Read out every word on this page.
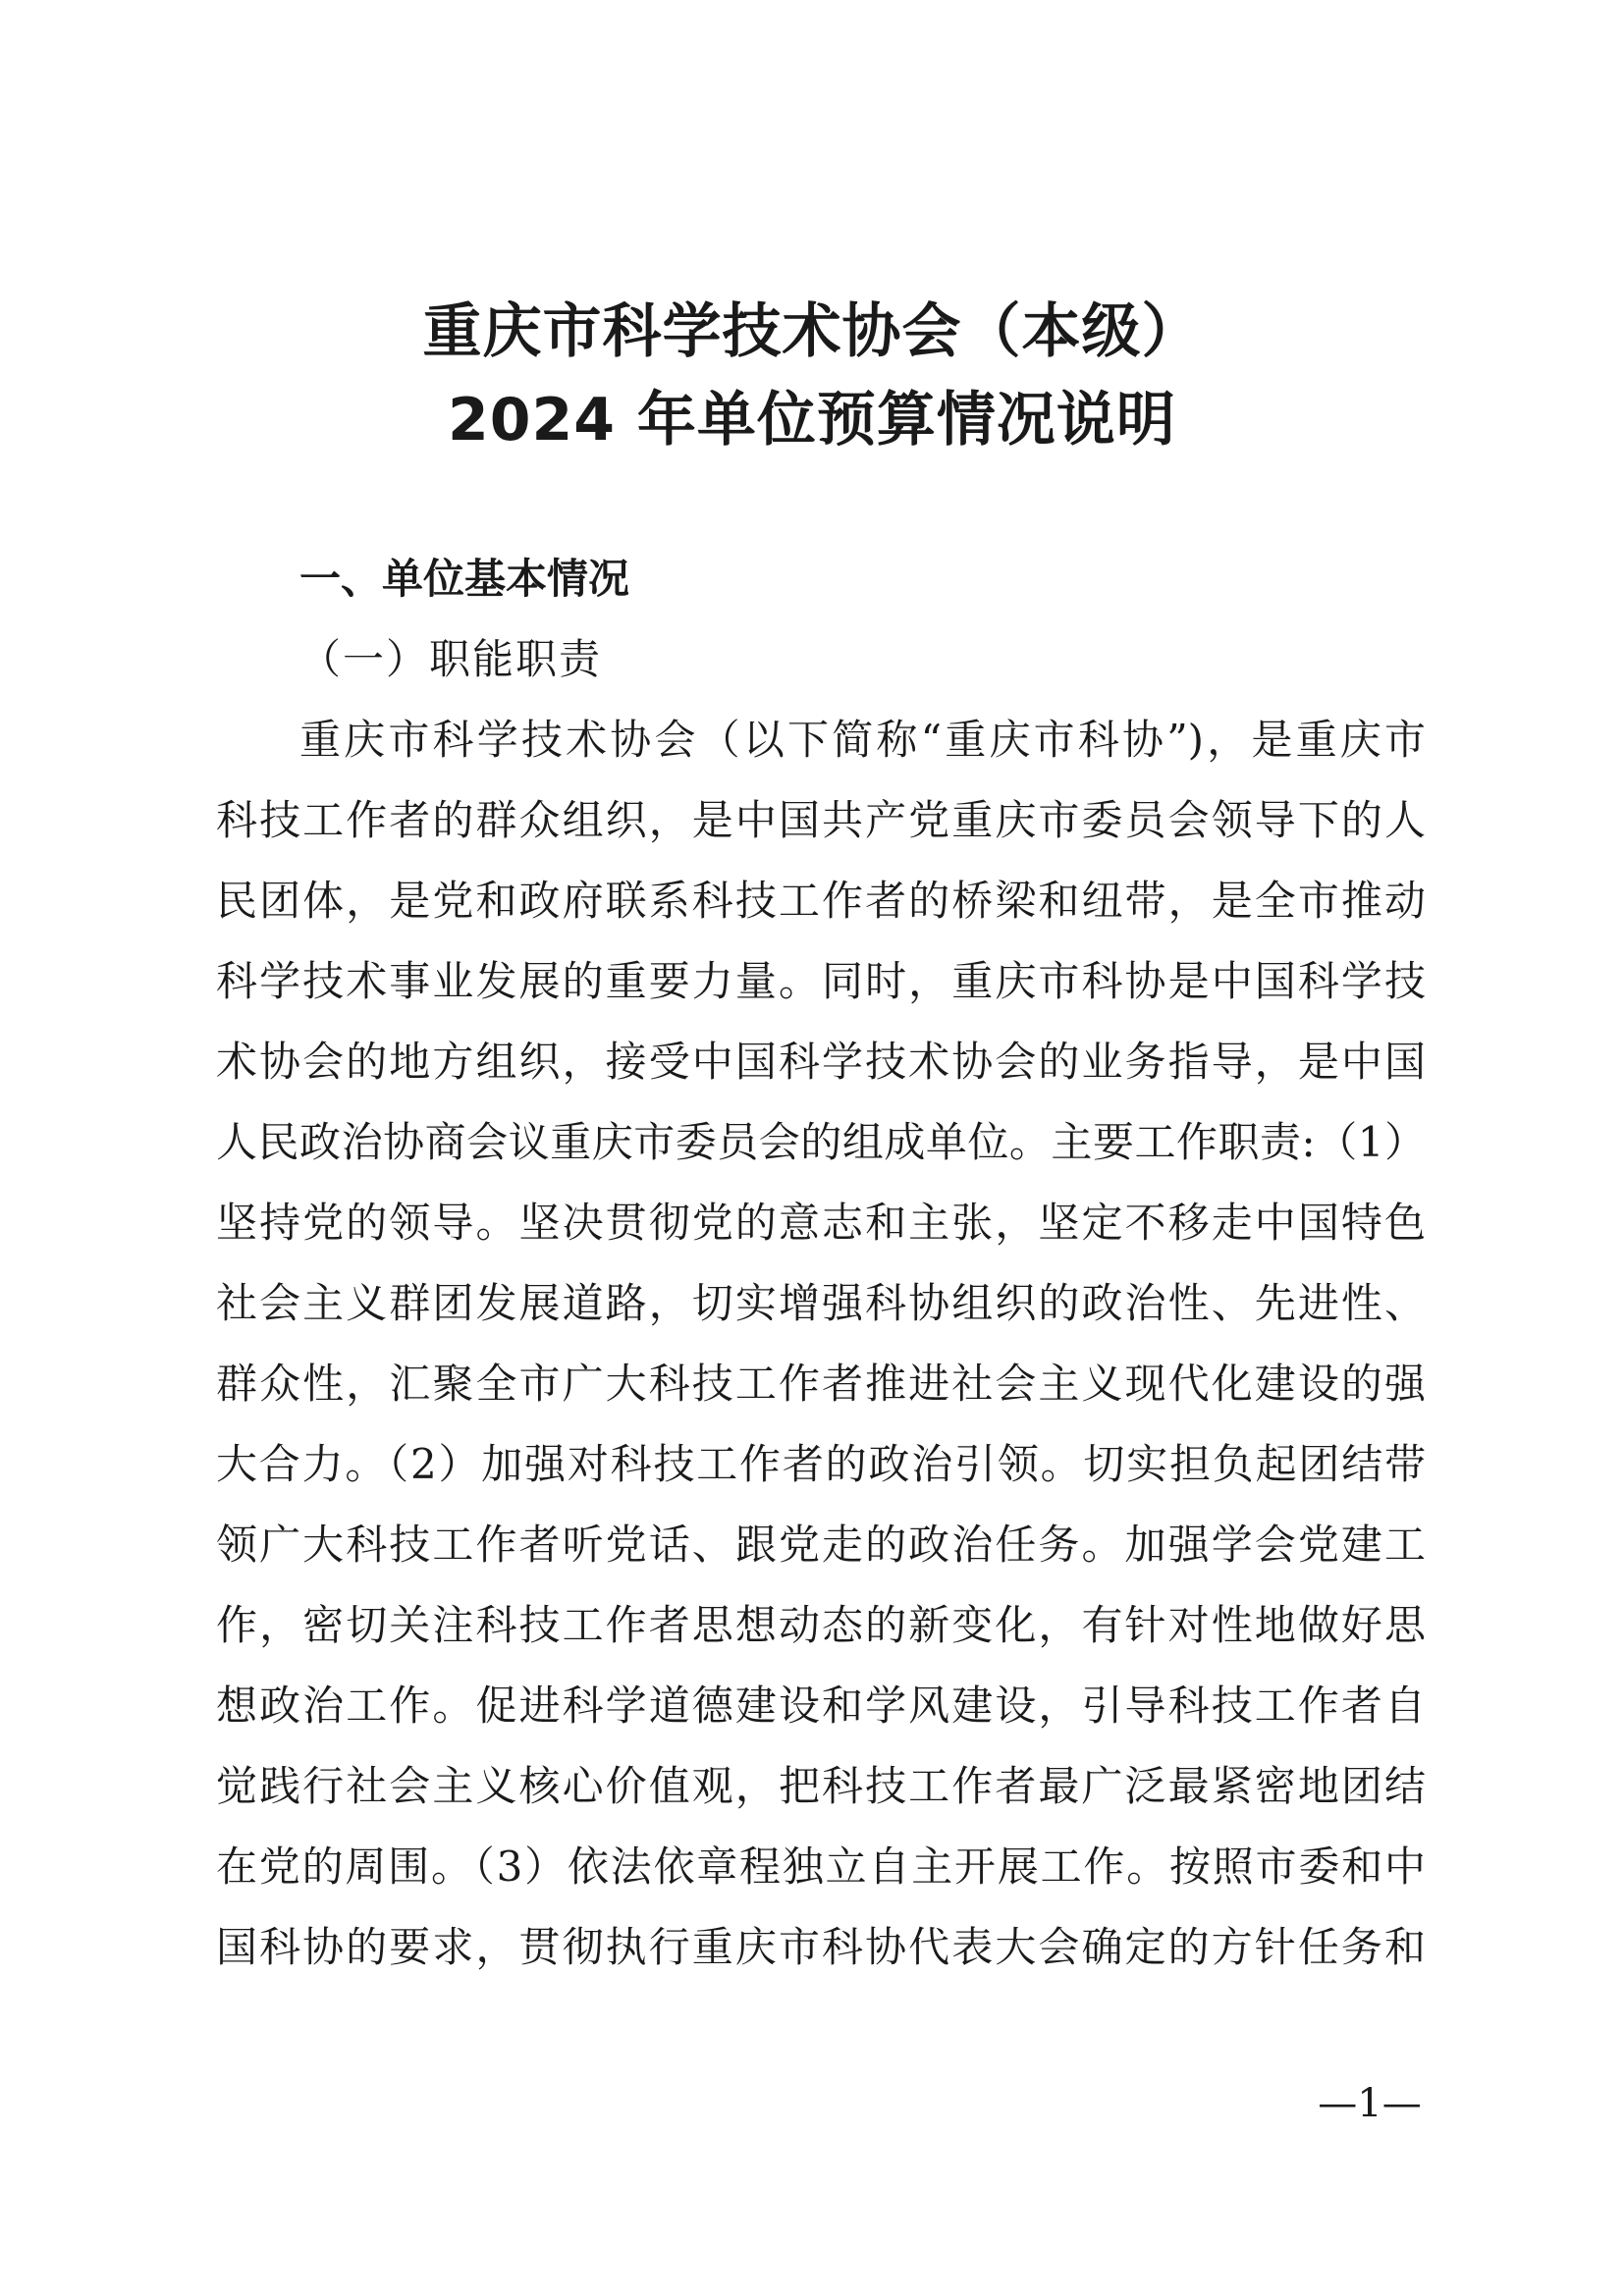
重庆市科学技术协会（本级）
2024 年单位预算情况说明
一、单位基本情况
（一）职能职责
重庆市科学技术协会（以下简称“重庆市科协”)，是重庆市
科技工作者的群众组织，是中国共产党重庆市委员会领导下的人
民团体，是党和政府联系科技工作者的桥梁和纽带，是全市推动
科学技术事业发展的重要力量。同时，重庆市科协是中国科学技
术协会的地方组织，接受中国科学技术协会的业务指导，是中国
人民政治协商会议重庆市委员会的组成单位。主要工作职责:（1）
坚持党的领导。坚决贯彻党的意志和主张，坚定不移走中国特色
社会主义群团发展道路，切实增强科协组织的政治性、先进性、
群众性，汇聚全市广大科技工作者推进社会主义现代化建设的强
大合力。（2）加强对科技工作者的政治引领。切实担负起团结带
领广大科技工作者听党话、跟党走的政治任务。加强学会党建工
作，密切关注科技工作者思想动态的新变化，有针对性地做好思
想政治工作。促进科学道德建设和学风建设，引导科技工作者自
觉践行社会主义核心价值观，把科技工作者最广泛最紧密地团结
在党的周围。（3）依法依章程独立自主开展工作。按照市委和中
国科协的要求，贯彻执行重庆市科协代表大会确定的方针任务和
—1—
